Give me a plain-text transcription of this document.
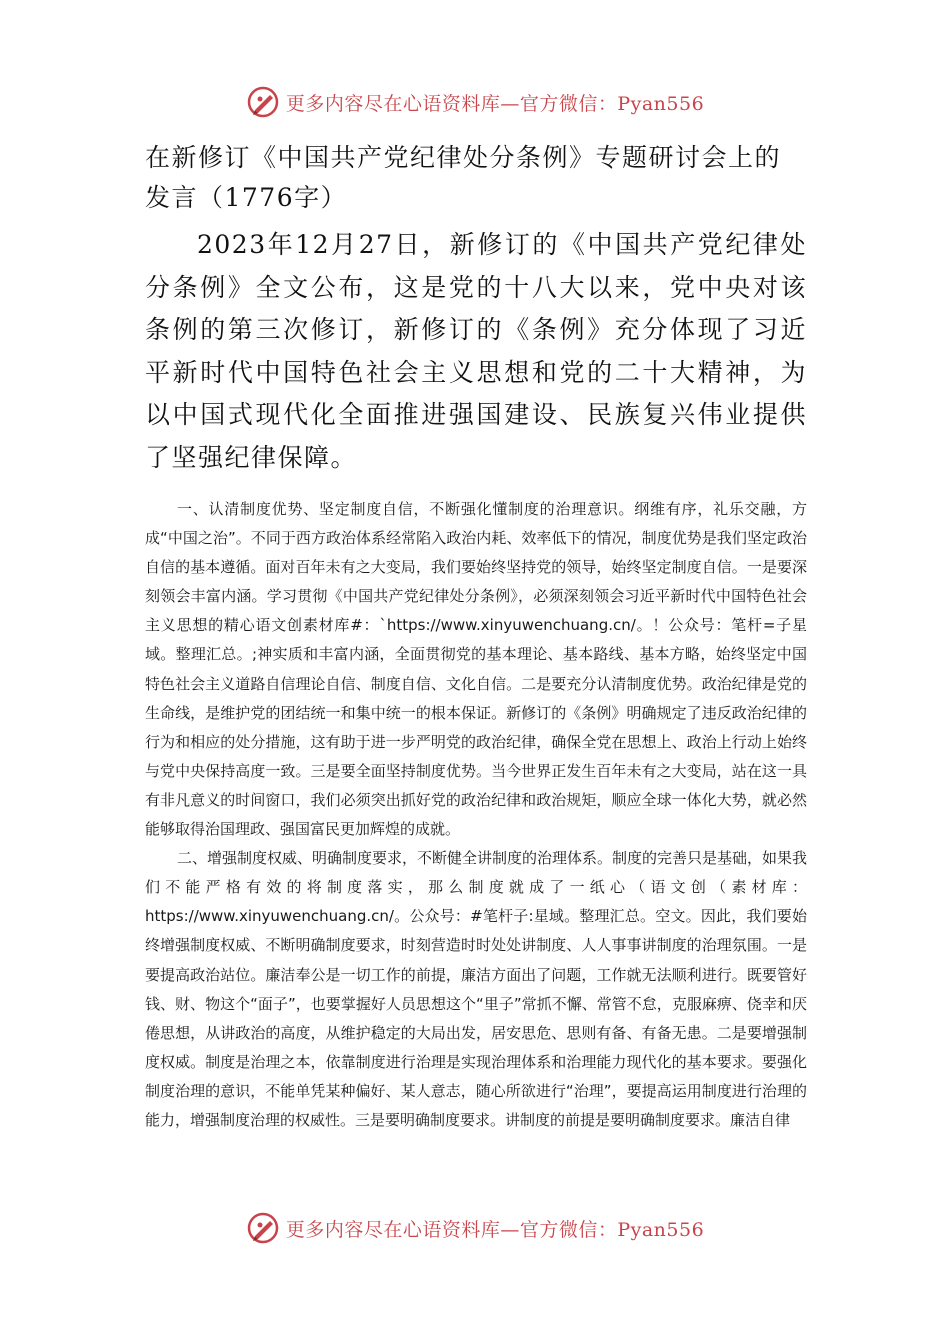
更多内容尽在心语资料库—官方微信：Pyan556

在新修订《中国共产党纪律处分条例》专题研讨会上的发言（1776字）

2023年12月27日，新修订的《中国共产党纪律处分条例》全文公布，这是党的十八大以来，党中央对该条例的第三次修订，新修订的《条例》充分体现了习近平新时代中国特色社会主义思想和党的二十大精神，为以中国式现代化全面推进强国建设、民族复兴伟业提供了坚强纪律保障。

一、认清制度优势、坚定制度自信，不断强化懂制度的治理意识。纲维有序，礼乐交融，方成“中国之治”。不同于西方政治体系经常陷入政治内耗、效率低下的情况，制度优势是我们坚定政治自信的基本遵循。面对百年未有之大变局，我们要始终坚持党的领导，始终坚定制度自信。一是要深刻领会丰富内涵。学习贯彻《中国共产党纪律处分条例》，必须深刻领会习近平新时代中国特色社会主义思想的精心语文创素材库#：`https://www.xinyuwenchuang.cn/。！公众号：笔杆=子星域。整理汇总。;神实质和丰富内涵，全面贯彻党的基本理论、基本路线、基本方略，始终坚定中国特色社会主义道路自信理论自信、制度自信、文化自信。二是要充分认清制度优势。政治纪律是党的生命线，是维护党的团结统一和集中统一的根本保证。新修订的《条例》明确规定了违反政治纪律的行为和相应的处分措施，这有助于进一步严明党的政治纪律，确保全党在思想上、政治上行动上始终与党中央保持高度一致。三是要全面坚持制度优势。当今世界正发生百年未有之大变局，站在这一具有非凡意义的时间窗口，我们必须突出抓好党的政治纪律和政治规矩，顺应全球一体化大势，就必然能够取得治国理政、强国富民更加辉煌的成就。

二、增强制度权威、明确制度要求，不断健全讲制度的治理体系。制度的完善只是基础，如果我们不能严格有效的将制度落实，那么制度就成了一纸心（语文创（素材库：https://www.xinyuwenchuang.cn/。公众号：#笔杆子:星域。整理汇总。空文。因此，我们要始终增强制度权威、不断明确制度要求，时刻营造时时处处讲制度、人人事事讲制度的治理氛围。一是要提高政治站位。廉洁奉公是一切工作的前提，廉洁方面出了问题，工作就无法顺利进行。既要管好钱、财、物这个“面子”，也要掌握好人员思想这个“里子”常抓不懈、常管不怠，克服麻痹、侥幸和厌倦思想，从讲政治的高度，从维护稳定的大局出发，居安思危、思则有备、有备无患。二是要增强制度权威。制度是治理之本，依靠制度进行治理是实现治理体系和治理能力现代化的基本要求。要强化制度治理的意识，不能单凭某种偏好、某人意志，随心所欲进行“治理”，要提高运用制度进行治理的能力，增强制度治理的权威性。三是要明确制度要求。讲制度的前提是要明确制度要求。廉洁自律

更多内容尽在心语资料库—官方微信：Pyan556
